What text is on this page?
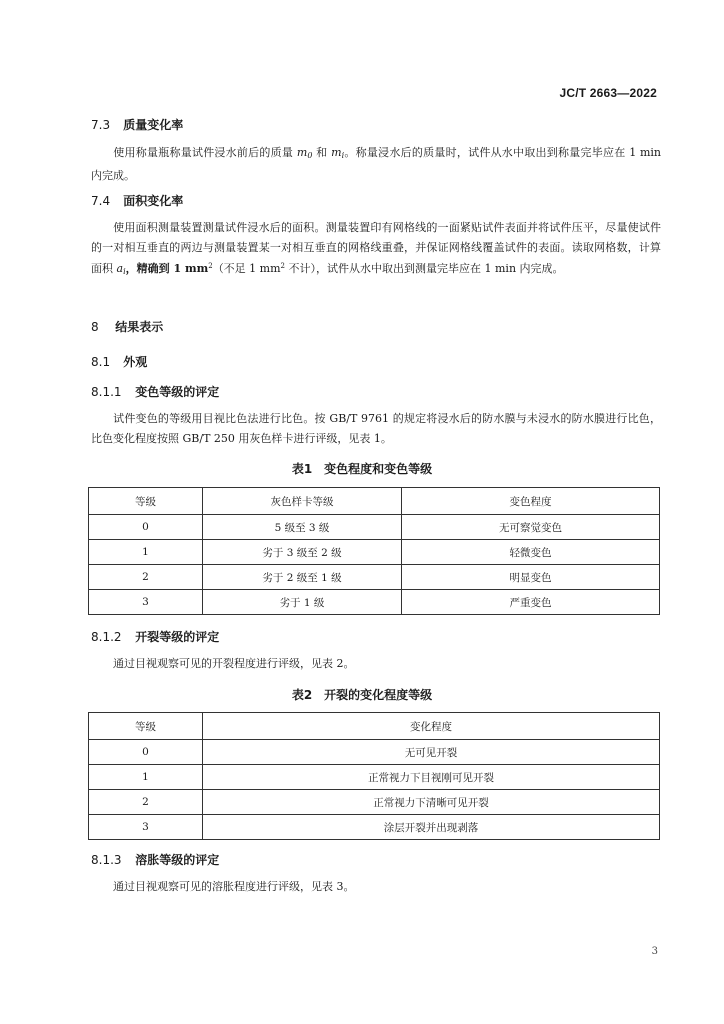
JC/T 2663—2022
7.3 质量变化率
使用称量瓶称量试件浸水前后的质量 $m_0$ 和 $m_i$。称量浸水后的质量时，试件从水中取出到称量完毕应在 1 min 内完成。
7.4 面积变化率
使用面积测量装置测量试件浸水后的面积。测量装置印有网格线的一面紧贴试件表面并将试件压平，尽量使试件的一对相互垂直的两边与测量装置某一对相互垂直的网格线重叠，并保证网格线覆盖试件的表面。读取网格数，计算面积 $a_i$，精确到 1 $mm^2$（不足 1 $mm^2$ 不计），试件从水中取出到测量完毕应在 1 min 内完成。
8 结果表示
8.1 外观
8.1.1 变色等级的评定
试件变色的等级用目视比色法进行比色。按 GB/T 9761 的规定将浸水后的防水膜与未浸水的防水膜进行比色，比色变化程度按照 GB/T 250 用灰色样卡进行评级，见表 1。
表1　变色程度和变色等级
等级	灰色样卡等级	变色程度
0	5 级至 3 级	无可察觉变色
1	劣于 3 级至 2 级	轻微变色
2	劣于 2 级至 1 级	明显变色
3	劣于 1 级	严重变色
8.1.2 开裂等级的评定
通过目视观察可见的开裂程度进行评级，见表 2。
表2　开裂的变化程度等级
等级	变化程度
0	无可见开裂
1	正常视力下目视刚可见开裂
2	正常视力下清晰可见开裂
3	涂层开裂并出现剥落
8.1.3 溶胀等级的评定
通过目视观察可见的溶胀程度进行评级，见表 3。
3
